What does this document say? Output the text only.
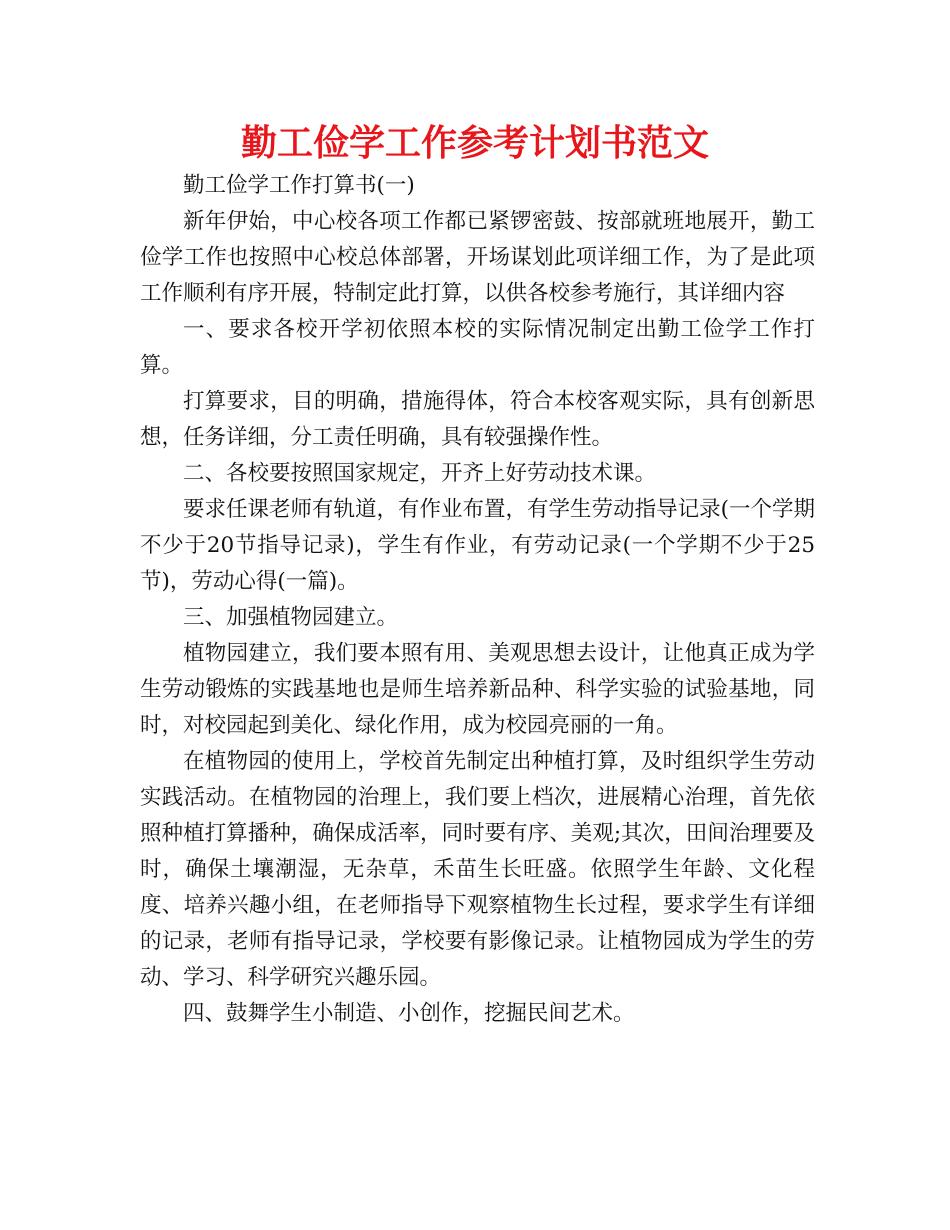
勤工俭学工作参考计划书范文

勤工俭学工作打算书(一)

新年伊始，中心校各项工作都已紧锣密鼓、按部就班地展开，勤工俭学工作也按照中心校总体部署，开场谋划此项详细工作，为了是此项工作顺利有序开展，特制定此打算，以供各校参考施行，其详细内容

一、要求各校开学初依照本校的实际情况制定出勤工俭学工作打算。

打算要求，目的明确，措施得体，符合本校客观实际，具有创新思想，任务详细，分工责任明确，具有较强操作性。

二、各校要按照国家规定，开齐上好劳动技术课。

要求任课老师有轨道，有作业布置，有学生劳动指导记录(一个学期不少于20节指导记录)，学生有作业，有劳动记录(一个学期不少于25节)，劳动心得(一篇)。

三、加强植物园建立。

植物园建立，我们要本照有用、美观思想去设计，让他真正成为学生劳动锻炼的实践基地也是师生培养新品种、科学实验的试验基地，同时，对校园起到美化、绿化作用，成为校园亮丽的一角。

在植物园的使用上，学校首先制定出种植打算，及时组织学生劳动实践活动。在植物园的治理上，我们要上档次，进展精心治理，首先依照种植打算播种，确保成活率，同时要有序、美观;其次，田间治理要及时，确保土壤潮湿，无杂草，禾苗生长旺盛。依照学生年龄、文化程度、培养兴趣小组，在老师指导下观察植物生长过程，要求学生有详细的记录，老师有指导记录，学校要有影像记录。让植物园成为学生的劳动、学习、科学研究兴趣乐园。

四、鼓舞学生小制造、小创作，挖掘民间艺术。
